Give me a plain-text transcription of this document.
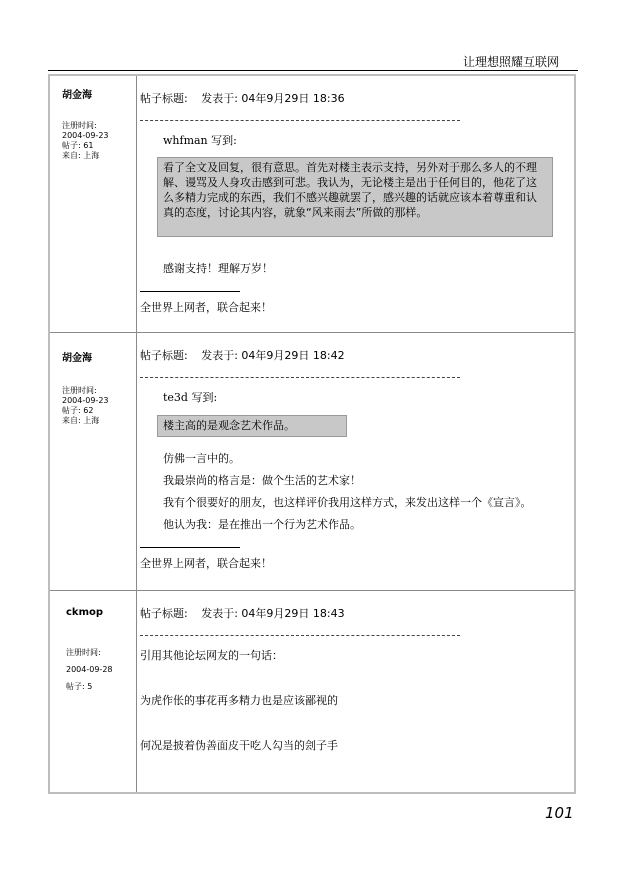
让理想照耀互联网
胡金海
注册时间:
2004-09-23
帖子: 61
来自: 上海
帖子标题: 发表于: 04年9月29日 18:36
whfman 写到:
看了全文及回复，很有意思。首先对楼主表示支持，另外对于那么多人的不理解、谩骂及人身攻击感到可悲。我认为，无论楼主是出于任何目的，他花了这么多精力完成的东西，我们不感兴趣就罢了，感兴趣的话就应该本着尊重和认真的态度，讨论其内容，就象“风来雨去”所做的那样。
感谢支持！理解万岁！
全世界上网者，联合起来！
胡金海
注册时间:
2004-09-23
帖子: 62
来自: 上海
帖子标题: 发表于: 04年9月29日 18:42
te3d 写到:
楼主高的是观念艺术作品。
仿佛一言中的。
我最崇尚的格言是：做个生活的艺术家！
我有个很要好的朋友，也这样评价我用这样方式，来发出这样一个《宣言》。
他认为我：是在推出一个行为艺术作品。
全世界上网者，联合起来！
ckmop
注册时间:
2004-09-28
帖子: 5
帖子标题: 发表于: 04年9月29日 18:43
引用其他论坛网友的一句话：
为虎作伥的事花再多精力也是应该鄙视的
何况是披着伪善面皮干吃人勾当的刽子手
101
